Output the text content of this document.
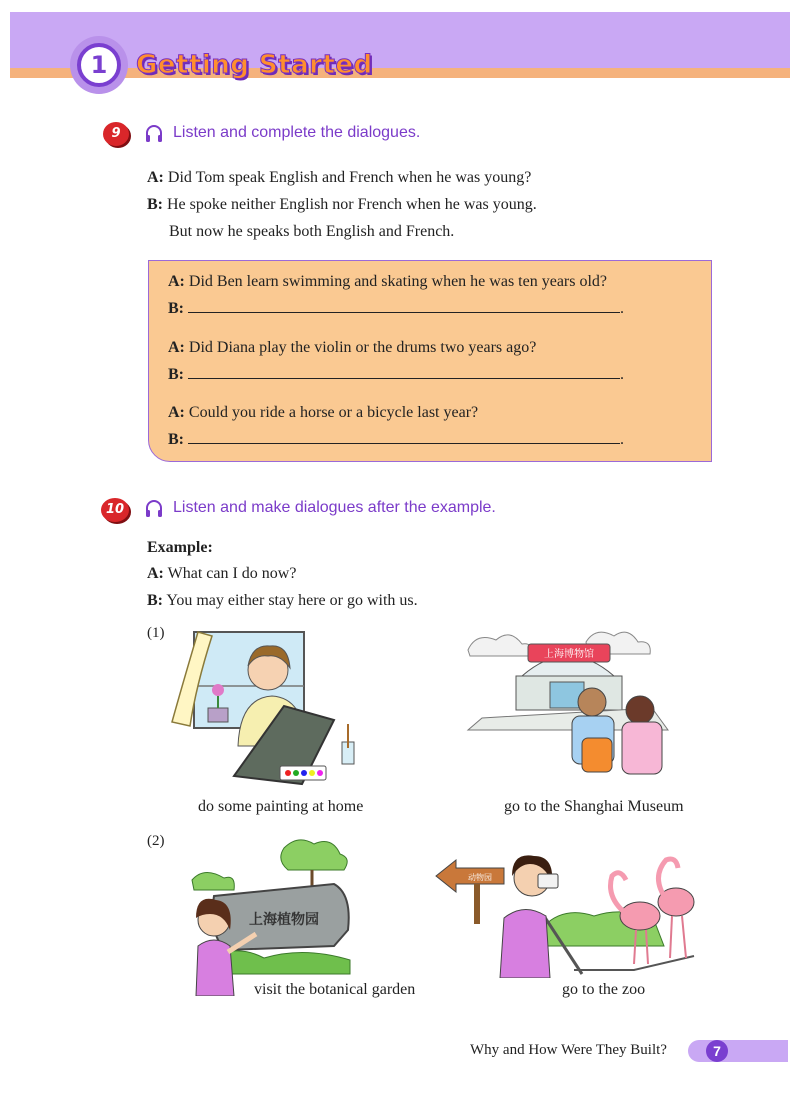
1	Getting Started
9	Listen and complete the dialogues.
A: Did Tom speak English and French when he was young?
B: He spoke neither English nor French when he was young.
But now he speaks both English and French.
A: Did Ben learn swimming and skating when he was ten years old?
B:	.
A: Did Diana play the violin or the drums two years ago?
B:	.
A: Could you ride a horse or a bicycle last year?
B:	.
10	Listen and make dialogues after the example.
Example:
A: What can I do now?
B: You may either stay here or go with us.
(1)
do some painting at home
上海博物馆
go to the Shanghai Museum
(2)
上海植物园
visit the botanical garden
动物园
go to the zoo
Why and How Were They Built?	7
